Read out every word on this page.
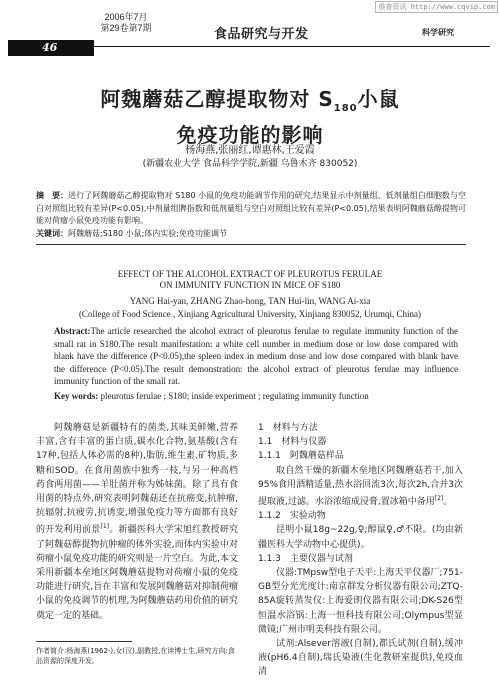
维普资讯 http://www.cqvip.com
2006年7月
第29卷第7期	食品研究与开发	科学研究
46
阿魏蘑菇乙醇提取物对 $S_{180}$小鼠
免疫功能的影响
杨海燕,张丽红,谭惠林,王爱霞
(新疆农业大学 食品科学学院,新疆 乌鲁木齐 830052)
摘　要：进行了阿魏蘑菇乙醇提取物对 S180 小鼠的免疫功能调节作用的研究,结果显示中剂量组、低剂量组白细胞数与空白对照组比较有差异(P<0.05),中剂量组脾指数和低剂量组与空白对照组比较有差异(P<0.05),结果表明阿魏蘑菇醇提物可能对荷瘤小鼠免疫功能有影响。
关键词：阿魏蘑菇;S180 小鼠;体内实验;免疫功能调节
EFFECT OF THE ALCOHOL EXTRACT OF PLEUROTUS FERULAE
ON IMMUNITY FUNCTION IN MICE OF S180
YANG Hai-yan, ZHANG Zhao-hong, TAN Hui-lin, WANG Ai-xia
(College of Food Science , Xinjiang Agricultural University, Xinjiang 830052, Urumqi, China)
Abstract:The article researched the alcohol extract of pleurotus ferulae to regulate immunity function of the small rat in S180.The result manifestation: a white cell number in medium dose or low dose compared with blank have the difference (P<0.05),the spleen index in medium dose and low dose compared with blank have the difference (P<0.05).The result demonstration: the alcohol extract of pleurotus ferulae may influence immunity function of the small rat.
Key words: pleurotus ferulae ; S180; inside experiment ; regulating immunity function

阿魏蘑菇是新疆特有的菌类,其味美鲜嫩,营养丰富,含有丰富的蛋白质,碳水化合物,氨基酸(含有17种,包括人体必需的8种),脂肪,维生素,矿物质,多糖和SOD。在食用菌族中独秀一枝,与另一种高档药食两用菌——羊肚菌并称为姊妹菌。除了具有食用菌的特点外,研究表明阿魏菇还在抗癌变,抗肿瘤,抗辐射,抗疲劳,抗诱变,增强免疫力等方面都有良好的开发利用前景[1]。新疆医科大学宋旭红教授研究了阿魏菇醇提物抗肿瘤的体外实验,而体内实验中对荷瘤小鼠免疫功能的研究则是一片空白。为此,本文采用新疆本垒地区阿魏蘑菇提物对荷瘤小鼠的免疫功能进行研究,旨在丰富和发展阿魏蘑菇对抑制荷瘤小鼠的免疫调节的机理,为阿魏蘑菇药用价值的研究奠定一定的基础。

1　材料与方法

1.1　材料与仪器

1.1.1　阿魏蘑菇样品

取自然干燥的新疆木垒地区阿魏蘑菇若干,加入95%食用酒精适量,热水浴回流3次,每次2h,合并3次提取液,过滤。水浴浓缩成浸膏,置冰箱中备用[2]。

1.1.2　实验动物

昆明小鼠18g~22g,♀;醇鼠♀,♂不限。(均由新疆医科大学动物中心提供)。

1.1.3　主要仪器与试剂

仪器:TMpsw型电子天平:上海天平仪器厂;751-GB型分光光度计:南京群发分析仪器有限公司;ZTQ-85A旋转蒸发仪:上海爱朗仪器有限公司;DK-S26型恒温水浴锅:上海一恒科技有限公司;Olympus型显微镜;广州市明美科技有限公司。

试剂:Alsever溶液(自制),都氏试剂(自制),缓冲液(pH6.4自制),瑞氏染液(生化教研室提供),免疫血清

作者简介:杨海燕(1962-),女(汉),副教授,在读博士生,研究方向:食品资源的深度开发。
